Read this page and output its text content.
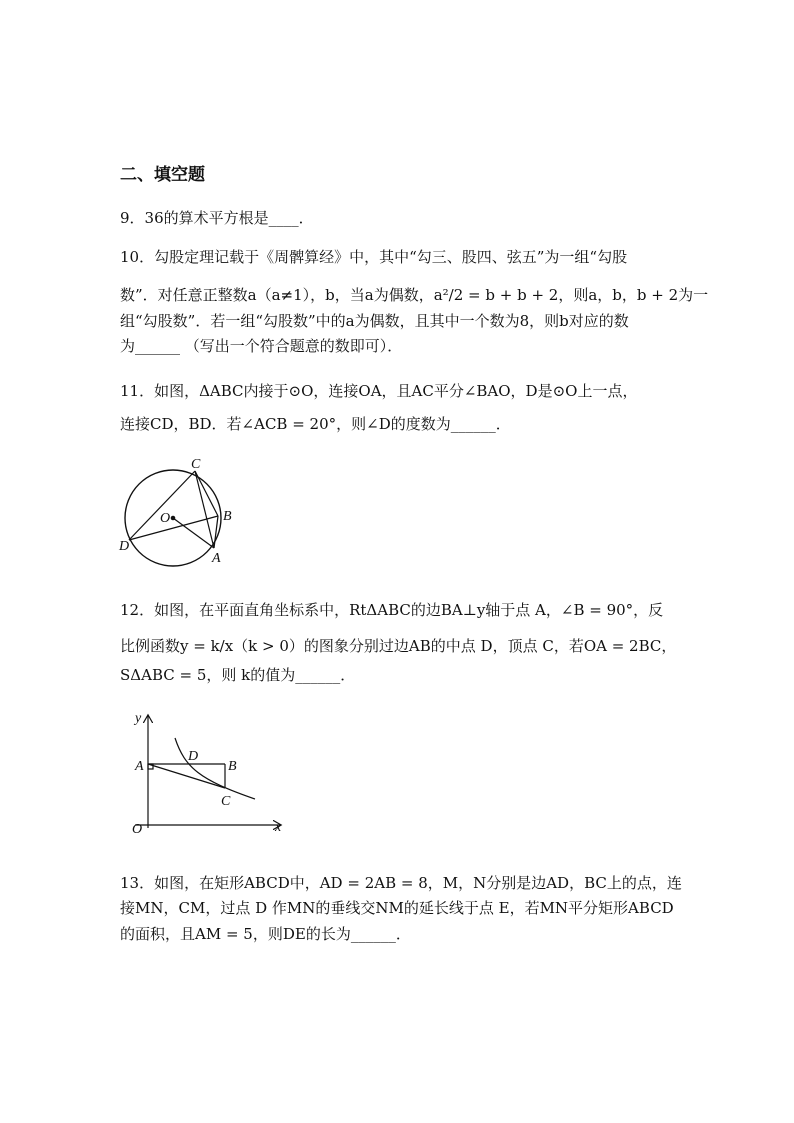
二、填空题
9．36的算术平方根是____．
10．勾股定理记载于《周髀算经》中，其中“勾三、股四、弦五”为一组“勾股
数”．对任意正整数a（a≠1），b，当a为偶数，a²/2 = b + b + 2，则a，b，b + 2为一
组“勾股数”．若一组“勾股数”中的a为偶数，且其中一个数为8，则b对应的数
为______ （写出一个符合题意的数即可）．
11．如图，ΔABC内接于⊙O，连接OA，且AC平分∠BAO，D是⊙O上一点，
连接CD，BD．若∠ACB = 20°，则∠D的度数为______．
C
B
A
D
O
12．如图，在平面直角坐标系中，RtΔABC的边BA⊥y轴于点 A，∠B = 90°，反
比例函数y = k/x（k > 0）的图象分别过边AB的中点 D，顶点 C，若OA = 2BC，
SΔABC = 5，则 k的值为______．
y
x
O
A	B
C
D
13．如图，在矩形ABCD中，AD = 2AB = 8，M，N分别是边AD，BC上的点，连
接MN，CM，过点 D 作MN的垂线交NM的延长线于点 E，若MN平分矩形ABCD
的面积，且AM = 5，则DE的长为______．
